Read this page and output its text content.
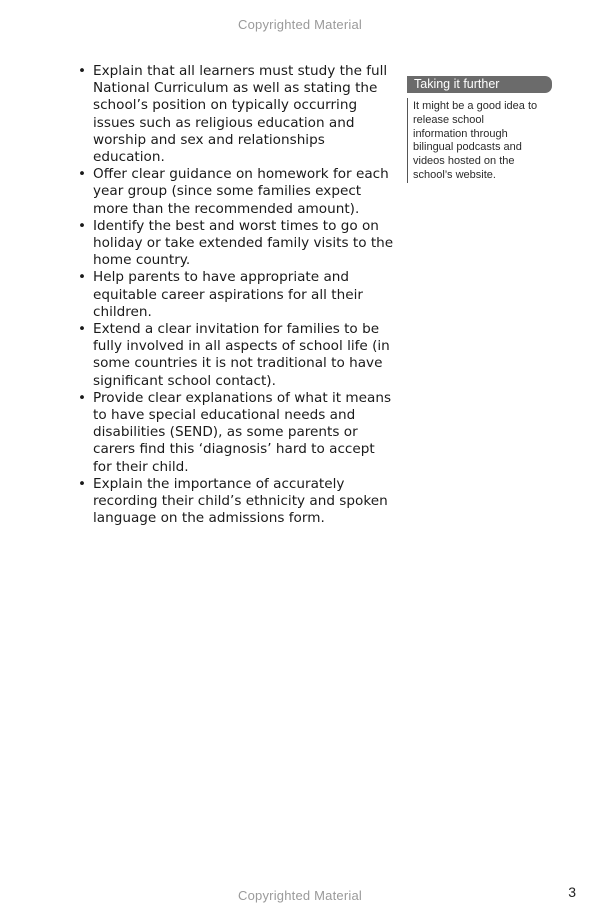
Copyrighted Material
• Explain that all learners must study the full National Curriculum as well as stating the school’s position on typically occurring issues such as religious education and worship and sex and relationships education.
• Offer clear guidance on homework for each year group (since some families expect more than the recommended amount).
• Identify the best and worst times to go on holiday or take extended family visits to the home country.
• Help parents to have appropriate and equitable career aspirations for all their children.
• Extend a clear invitation for families to be fully involved in all aspects of school life (in some countries it is not traditional to have significant school contact).
• Provide clear explanations of what it means to have special educational needs and disabilities (SEND), as some parents or carers find this ‘diagnosis’ hard to accept for their child.
• Explain the importance of accurately recording their child’s ethnicity and spoken language on the admissions form.
Taking it further
It might be a good idea to release school information through bilingual podcasts and videos hosted on the school’s website.
Copyrighted Material	3
